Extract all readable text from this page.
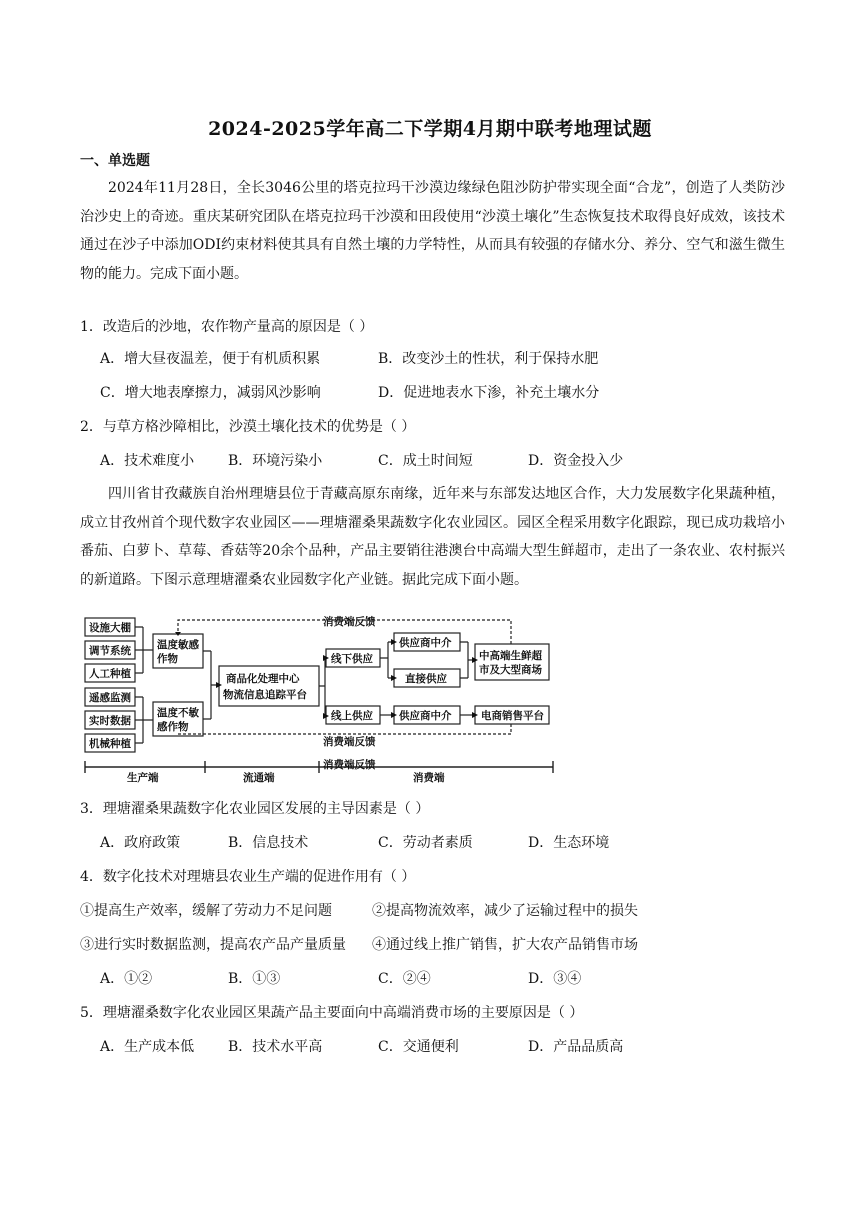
2024-2025学年高二下学期4月期中联考地理试题
一、单选题
2024年11月28日，全长3046公里的塔克拉玛干沙漠边缘绿色阻沙防护带实现全面“合龙”，创造了人类防沙治沙史上的奇迹。重庆某研究团队在塔克拉玛干沙漠和田段使用“沙漠土壤化”生态恢复技术取得良好成效，该技术通过在沙子中添加ODI约束材料使其具有自然土壤的力学特性，从而具有较强的存储水分、养分、空气和滋生微生物的能力。完成下面小题。
1．改造后的沙地，农作物产量高的原因是（ ）
A．增大昼夜温差，便于有机质积累	B．改变沙土的性状，利于保持水肥
C．增大地表摩擦力，减弱风沙影响	D．促进地表水下渗，补充土壤水分
2．与草方格沙障相比，沙漠土壤化技术的优势是（ ）
A．技术难度小 B．环境污染小	C．成土时间短	D．资金投入少
四川省甘孜藏族自治州理塘县位于青藏高原东南缘，近年来与东部发达地区合作，大力发展数字化果蔬种植，成立甘孜州首个现代数字农业园区——理塘濯桑果蔬数字化农业园区。园区全程采用数字化跟踪，现已成功栽培小番茄、白萝卜、草莓、香菇等20余个品种，产品主要销往港澳台中高端大型生鲜超市，走出了一条农业、农村振兴的新道路。下图示意理塘濯桑农业园数字化产业链。据此完成下面小题。
设施大棚
调节系统
人工种植
遥感监测
实时数据
机械种植
温度敏感
作物
温度不敏
感作物
商品化处理中心
物流信息追踪平台
线下供应
线上供应
供应商中介
直接供应
供应商中介
中高端生鲜超
市及大型商场
电商销售平台
消费端反馈
消费端反馈
消费端反馈
生产端	流通端	消费端
3．理塘濯桑果蔬数字化农业园区发展的主导因素是（ ）
A．政府政策	B．信息技术	C．劳动者素质	D．生态环境
4．数字化技术对理塘县农业生产端的促进作用有（ ）
①提高生产效率，缓解了劳动力不足问题	②提高物流效率，减少了运输过程中的损失
③进行实时数据监测，提高农产品产量质量 ④通过线上推广销售，扩大农产品销售市场
A．①②	B．①③	C．②④	D．③④
5．理塘濯桑数字化农业园区果蔬产品主要面向中高端消费市场的主要原因是（ ）
A．生产成本低 B．技术水平高	C．交通便利	D．产品品质高
